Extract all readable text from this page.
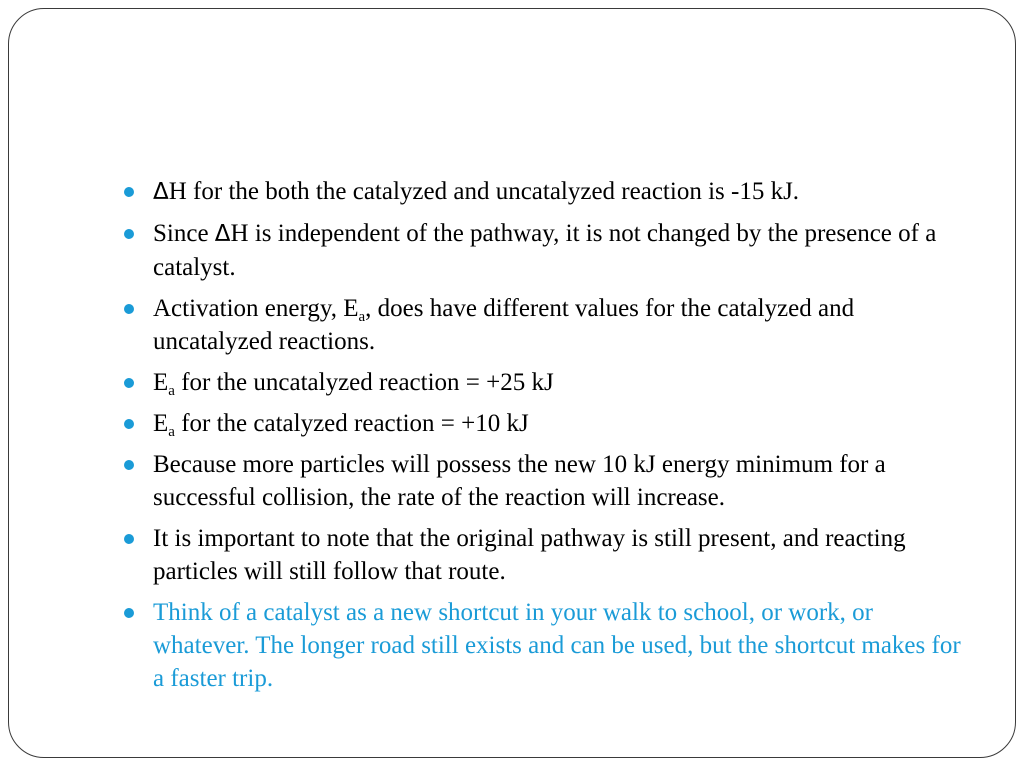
ΔH for the both the catalyzed and uncatalyzed reaction is -15 kJ.
Since ΔH is independent of the pathway, it is not changed by the presence of a catalyst.
Activation energy, $E_a$, does have different values for the catalyzed and uncatalyzed reactions.
$E_a$ for the uncatalyzed reaction = +25 kJ
$E_a$ for the catalyzed reaction = +10 kJ
Because more particles will possess the new 10 kJ energy minimum for a successful collision, the rate of the reaction will increase.
It is important to note that the original pathway is still present, and reacting particles will still follow that route.
Think of a catalyst as a new shortcut in your walk to school, or work, or whatever. The longer road still exists and can be used, but the shortcut makes for a faster trip.
